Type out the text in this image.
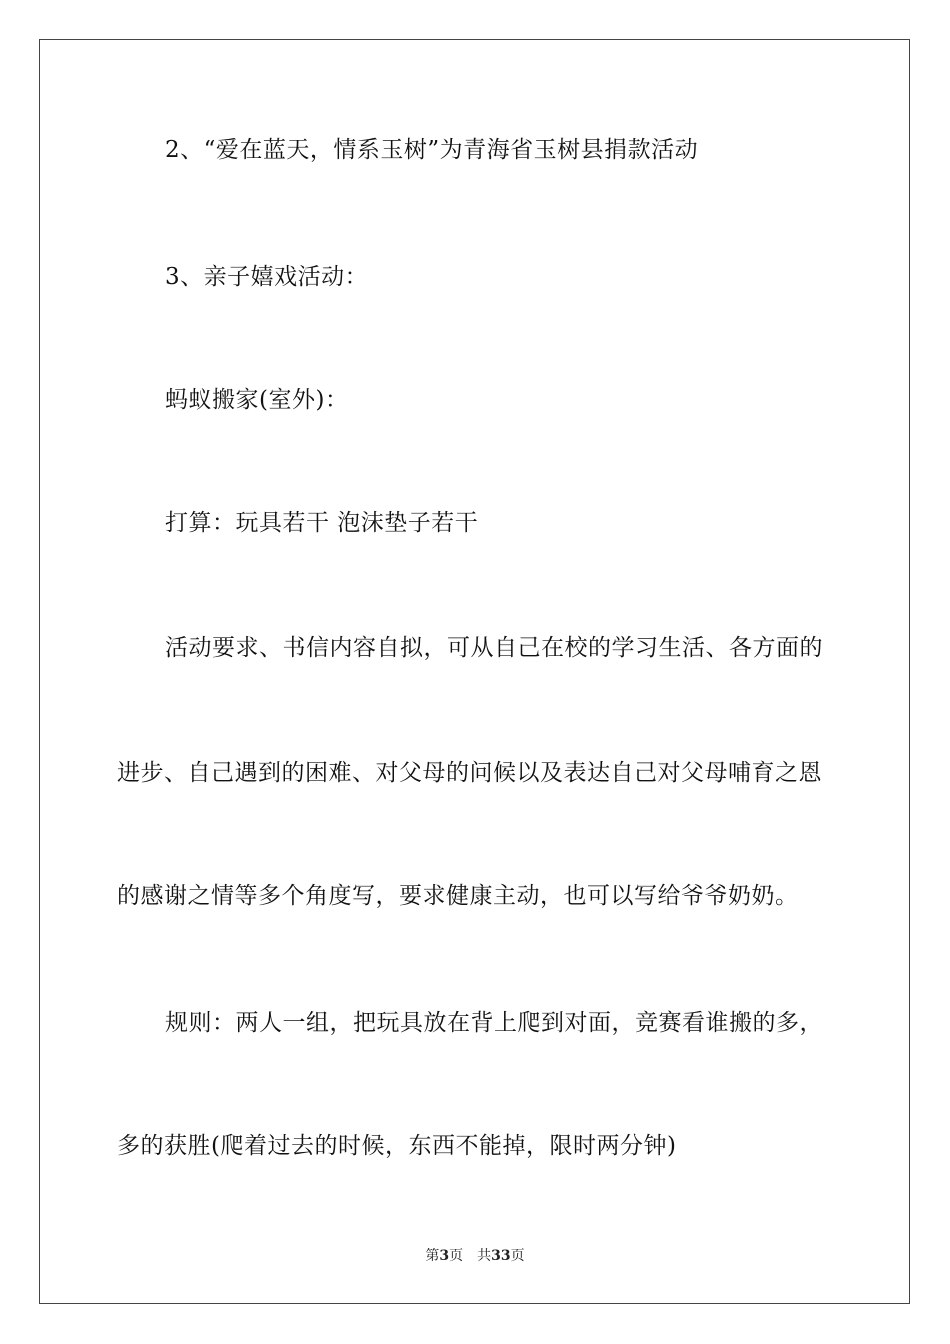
2、“爱在蓝天，情系玉树”为青海省玉树县捐款活动
3、亲子嬉戏活动：
蚂蚁搬家(室外)：
打算：玩具若干 泡沫垫子若干
活动要求、书信内容自拟，可从自己在校的学习生活、各方面的
进步、自己遇到的困难、对父母的问候以及表达自己对父母哺育之恩
的感谢之情等多个角度写，要求健康主动，也可以写给爷爷奶奶。
规则：两人一组，把玩具放在背上爬到对面，竞赛看谁搬的多，
多的获胜(爬着过去的时候，东西不能掉，限时两分钟)
第3页 共33页
